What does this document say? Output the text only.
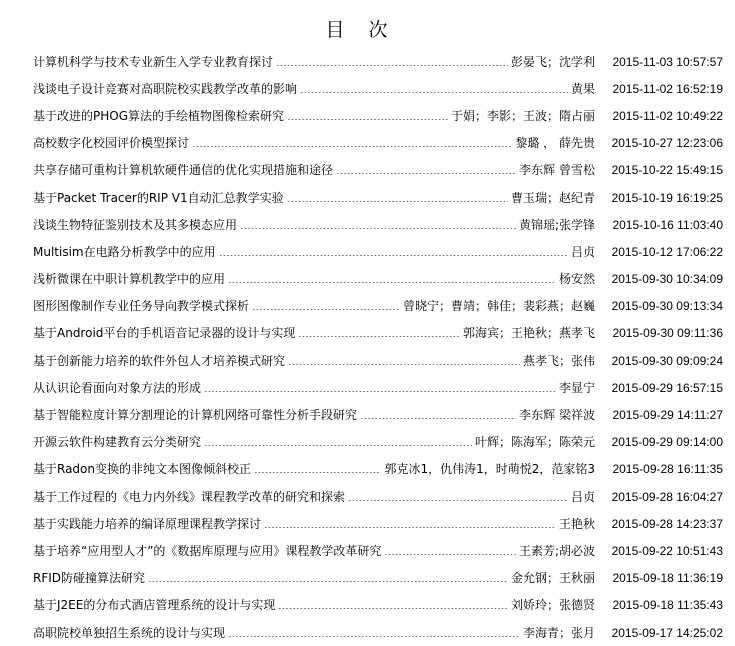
目 次
计算机科学与技术专业新生入学专业教育探讨	彭晏飞；沈学利	2015-11-03 10:57:57
浅谈电子设计竞赛对高职院校实践教学改革的影响	黄果	2015-11-02 16:52:19
基于改进的PHOG算法的手绘植物图像检索研究	于娟；李影；王波；隋占丽	2015-11-02 10:49:22
高校数字化校园评价模型探讨	黎璐 ， 薛先贵	2015-10-27 12:23:06
共享存储可重构计算机软硬件通信的优化实现措施和途径	李东辉 曾雪松	2015-10-22 15:49:15
基于Packet Tracer的RIP V1自动汇总教学实验	曹玉瑞；赵纪青	2015-10-19 16:19:25
浅谈生物特征鉴别技术及其多模态应用	黄锦瑶;张学锋	2015-10-16 11:03:40
Multisim在电路分析教学中的应用	吕贞	2015-10-12 17:06:22
浅析微课在中职计算机教学中的应用	杨安然	2015-09-30 10:34:09
图形图像制作专业任务导向教学模式探析	曾晓宁；曹靖；韩佳；裴彩燕；赵巍	2015-09-30 09:13:34
基于Android平台的手机语音记录器的设计与实现	郭海宾；王艳秋；燕孝飞	2015-09-30 09:11:36
基于创新能力培养的软件外包人才培养模式研究	燕孝飞；张伟	2015-09-30 09:09:24
从认识论看面向对象方法的形成	李显宁	2015-09-29 16:57:15
基于智能粒度计算分割理论的计算机网络可靠性分析手段研究	李东辉 梁祥波	2015-09-29 14:11:27
开源云软件构建教育云分类研究	叶辉；陈海军；陈荣元	2015-09-29 09:14:00
基于Radon变换的非纯文本图像倾斜校正	郭克冰1，仇伟涛1，时萌悦2，范家铭3	2015-09-28 16:11:35
基于工作过程的《电力内外线》课程教学改革的研究和探索	吕贞	2015-09-28 16:04:27
基于实践能力培养的编译原理课程教学探讨	王艳秋	2015-09-28 14:23:37
基于培养“应用型人才”的《数据库原理与应用》课程教学改革研究	王素芳;胡必波	2015-09-22 10:51:43
RFID防碰撞算法研究	金允钢；王秋丽	2015-09-18 11:36:19
基于J2EE的分布式酒店管理系统的设计与实现	刘娇玲；张德贤	2015-09-18 11:35:43
高职院校单独招生系统的设计与实现	李海青；张月	2015-09-17 14:25:02
